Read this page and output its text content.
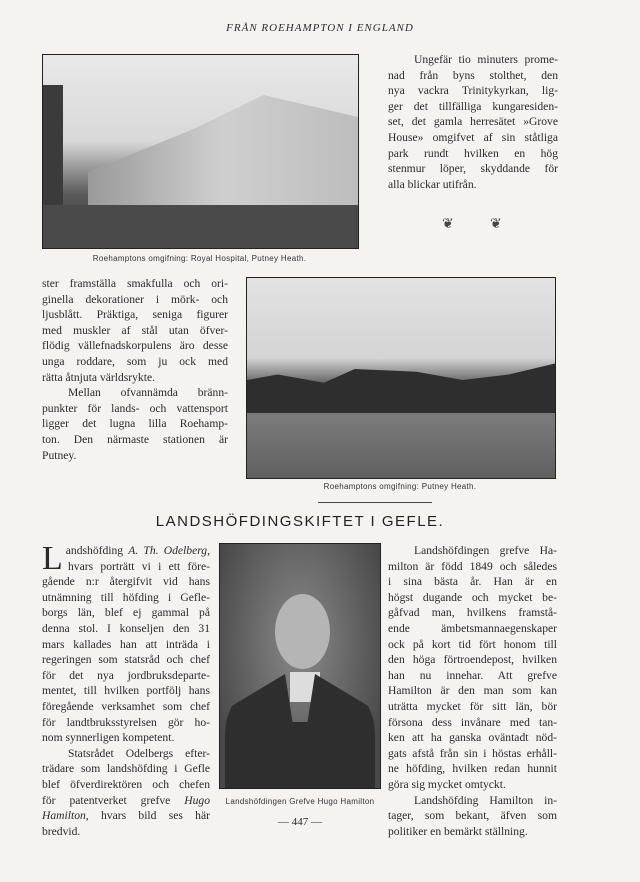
FRÅN ROEHAMPTON I ENGLAND
Roehamptons omgifning: Royal Hospital, Putney Heath.
Ungefär tio minuters prome-
nad från byns stolthet, den
nya vackra Trinitykyrkan, lig-
ger det tillfälliga kungaresiden-
set, det gamla herresätet »Grove
House» omgifvet af sin ståtliga
park rundt hvilken en hög
stenmur löper, skyddande för
alla blickar utifrån.
❦	❦
ster framställa smakfulla och ori-
ginella dekorationer i mörk- och
ljusblått. Präktiga, seniga figurer
med muskler af stål utan öfver-
flödig vällefnadskorpulens äro desse
unga roddare, som ju ock med
rätta åtnjuta världsrykte.
Mellan ofvannämda bränn-
punkter för lands- och vattensport
ligger det lugna lilla Roehamp-
ton. Den närmaste stationen är
Putney.
Roehamptons omgifning: Putney Heath.
LANDSHÖFDINGSKIFTET I GEFLE.
L andshöfding A. Th. Odelberg,
hvars porträtt vi i ett före-
gående n:r återgifvit vid hans
utnämning till höfding i Gefle-
borgs län, blef ej gammal på
denna stol. I konseljen den 31
mars kallades han att inträda i
regeringen som statsråd och chef
för det nya jordbruksdeparte-
mentet, till hvilken portfölj hans
föregående verksamhet som chef
för landtbruksstyrelsen gör ho-
nom synnerligen kompetent.
Statsrådet Odelbergs efter-
trädare som landshöfding i Gefle
blef öfverdirektören och chefen
för patentverket grefve Hugo
Hamilton, hvars bild ses här
bredvid.
Landshöfdingen Grefve Hugo Hamilton
Landshöfdingen grefve Ha-
milton är född 1849 och således
i sina bästa år. Han är en
högst dugande och mycket be-
gåfvad man, hvilkens framstå-
ende ämbetsmannaegenskaper
ock på kort tid fört honom till
den höga förtroendepost, hvilken
han nu innehar. Att grefve
Hamilton är den man som kan
uträtta mycket för sitt län, bör
försona dess invånare med tan-
ken att ha ganska oväntadt nöd-
gats afstå från sin i höstas erhåll-
ne höfding, hvilken redan hunnit
göra sig mycket omtyckt.
Landshöfding Hamilton in-
tager, som bekant, äfven som
politiker en bemärkt ställning.
— 447 —
